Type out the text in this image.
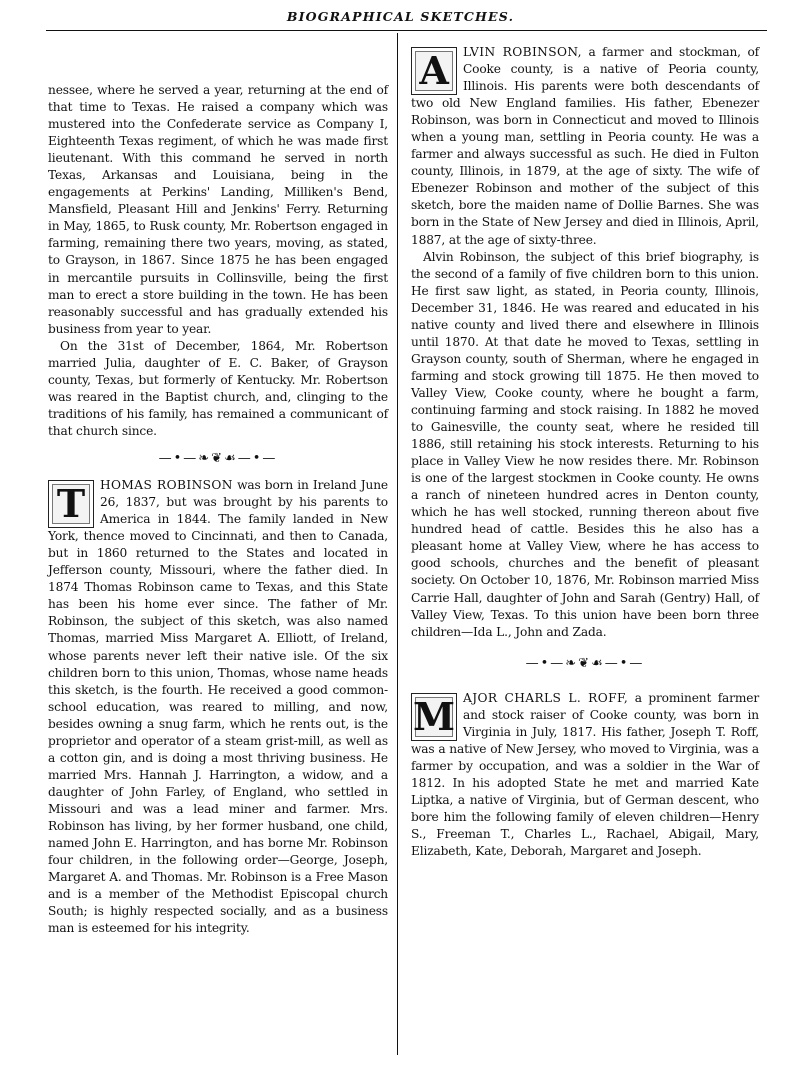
BIOGRAPHICAL SKETCHES.

nessee, where he served a year, returning at the end of that time to Texas. He raised a company which was mustered into the Confederate service as Company I, Eighteenth Texas regiment, of which he was made first lieutenant. With this command he served in north Texas, Arkansas and Louisiana, being in the engagements at Perkins' Landing, Milliken's Bend, Mansfield, Pleasant Hill and Jenkins' Ferry. Returning in May, 1865, to Rusk county, Mr. Robertson engaged in farming, remaining there two years, moving, as stated, to Grayson, in 1867. Since 1875 he has been engaged in mercantile pursuits in Collinsville, being the first man to erect a store building in the town. He has been reasonably successful and has gradually extended his business from year to year.

On the 31st of December, 1864, Mr. Robertson married Julia, daughter of E. C. Baker, of Grayson county, Texas, but formerly of Kentucky. Mr. Robertson was reared in the Baptist church, and, clinging to the traditions of his family, has remained a communicant of that church since.

—•—❧❦☙—•—

T	HOMAS ROBINSON was born in Ireland June 26, 1837, but was brought by his parents to America in 1844. The family landed in New York, thence moved to Cincinnati, and then to Canada, but in 1860 returned to the States and located in Jefferson county, Missouri, where the father died. In 1874 Thomas Robinson came to Texas, and this State has been his home ever since. The father of Mr. Robinson, the subject of this sketch, was also named Thomas, married Miss Margaret A. Elliott, of Ireland, whose parents never left their native isle. Of the six children born to this union, Thomas, whose name heads this sketch, is the fourth. He received a good common-school education, was reared to milling, and now, besides owning a snug farm, which he rents out, is the proprietor and operator of a steam grist-mill, as well as a cotton gin, and is doing a most thriving business. He married Mrs. Hannah J. Harrington, a widow, and a daughter of John Farley, of England, who settled in Missouri and was a lead miner and farmer. Mrs. Robinson has living, by her former husband, one child, named John E. Harrington, and has borne Mr. Robinson four children, in the following order—George, Joseph, Margaret A. and Thomas. Mr. Robinson is a Free Mason and is a member of the Methodist Episcopal church South; is highly respected socially, and as a business man is esteemed for his integrity.

A	LVIN ROBINSON, a farmer and stockman, of Cooke county, is a native of Peoria county, Illinois. His parents were both descendants of two old New England families. His father, Ebenezer Robinson, was born in Connecticut and moved to Illinois when a young man, settling in Peoria county. He was a farmer and always successful as such. He died in Fulton county, Illinois, in 1879, at the age of sixty. The wife of Ebenezer Robinson and mother of the subject of this sketch, bore the maiden name of Dollie Barnes. She was born in the State of New Jersey and died in Illinois, April, 1887, at the age of sixty-three.

Alvin Robinson, the subject of this brief biography, is the second of a family of five children born to this union. He first saw light, as stated, in Peoria county, Illinois, December 31, 1846. He was reared and educated in his native county and lived there and elsewhere in Illinois until 1870. At that date he moved to Texas, settling in Grayson county, south of Sherman, where he engaged in farming and stock growing till 1875. He then moved to Valley View, Cooke county, where he bought a farm, continuing farming and stock raising. In 1882 he moved to Gainesville, the county seat, where he resided till 1886, still retaining his stock interests. Returning to his place in Valley View he now resides there. Mr. Robinson is one of the largest stockmen in Cooke county. He owns a ranch of nineteen hundred acres in Denton county, which he has well stocked, running thereon about five hundred head of cattle. Besides this he also has a pleasant home at Valley View, where he has access to good schools, churches and the benefit of pleasant society. On October 10, 1876, Mr. Robinson married Miss Carrie Hall, daughter of John and Sarah (Gentry) Hall, of Valley View, Texas. To this union have been born three children—Ida L., John and Zada.

—•—❧❦☙—•—

M AJOR CHARLS L. ROFF, a prominent farmer and stock raiser of Cooke county, was born in Virginia in July, 1817. His father, Joseph T. Roff, was a native of New Jersey, who moved to Virginia, was a farmer by occupation, and was a soldier in the War of 1812. In his adopted State he met and married Kate Liptka, a native of Virginia, but of German descent, who bore him the following family of eleven children—Henry S., Freeman T., Charles L., Rachael, Abigail, Mary, Elizabeth, Kate, Deborah, Margaret and Joseph.
